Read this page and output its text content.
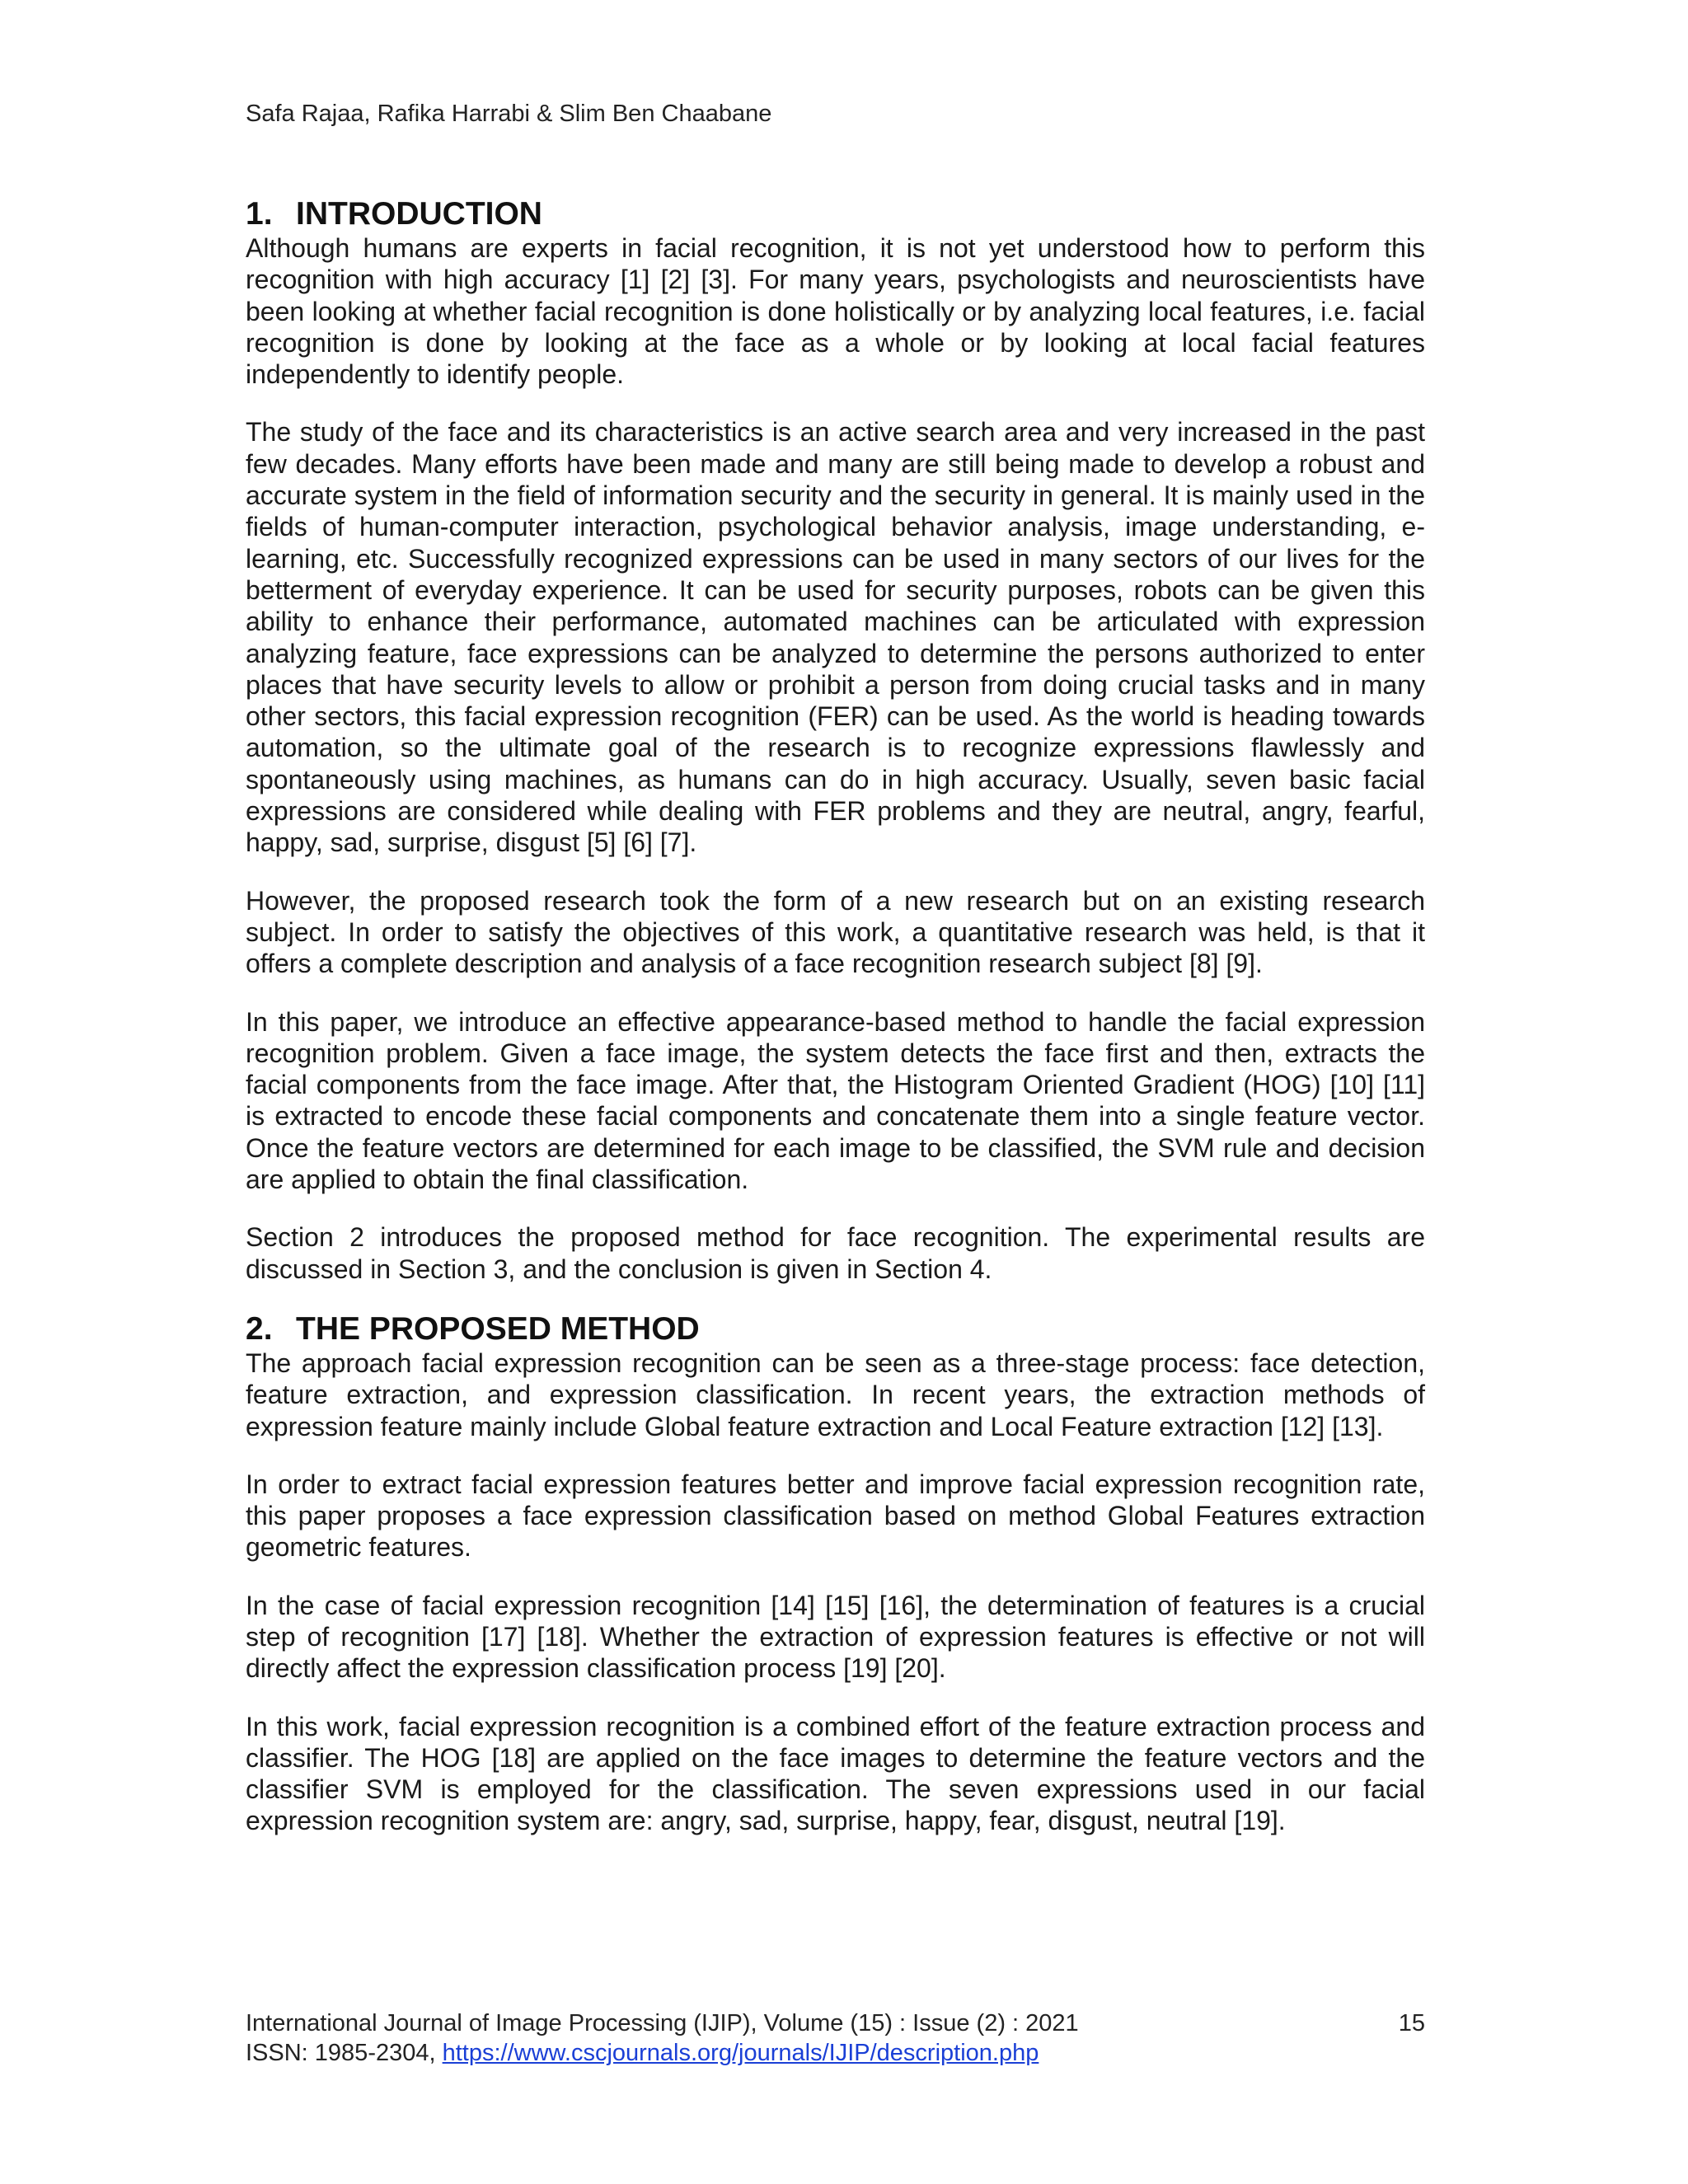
Safa Rajaa, Rafika Harrabi & Slim Ben Chaabane
1. INTRODUCTION

Although humans are experts in facial recognition, it is not yet understood how to perform this recognition with high accuracy [1] [2] [3]. For many years, psychologists and neuroscientists have been looking at whether facial recognition is done holistically or by analyzing local features, i.e. facial recognition is done by looking at the face as a whole or by looking at local facial features independently to identify people.

The study of the face and its characteristics is an active search area and very increased in the past few decades. Many efforts have been made and many are still being made to develop a robust and accurate system in the field of information security and the security in general. It is mainly used in the fields of human-computer interaction, psychological behavior analysis, image understanding, e-learning, etc. Successfully recognized expressions can be used in many sectors of our lives for the betterment of everyday experience. It can be used for security purposes, robots can be given this ability to enhance their performance, automated machines can be articulated with expression analyzing feature, face expressions can be analyzed to determine the persons authorized to enter places that have security levels to allow or prohibit a person from doing crucial tasks and in many other sectors, this facial expression recognition (FER) can be used. As the world is heading towards automation, so the ultimate goal of the research is to recognize expressions flawlessly and spontaneously using machines, as humans can do in high accuracy. Usually, seven basic facial expressions are considered while dealing with FER problems and they are neutral, angry, fearful, happy, sad, surprise, disgust [5] [6] [7].

However, the proposed research took the form of a new research but on an existing research subject. In order to satisfy the objectives of this work, a quantitative research was held, is that it offers a complete description and analysis of a face recognition research subject [8] [9].

In this paper, we introduce an effective appearance-based method to handle the facial expression recognition problem. Given a face image, the system detects the face first and then, extracts the facial components from the face image. After that, the Histogram Oriented Gradient (HOG) [10] [11] is extracted to encode these facial components and concatenate them into a single feature vector. Once the feature vectors are determined for each image to be classified, the SVM rule and decision are applied to obtain the final classification.

Section 2 introduces the proposed method for face recognition. The experimental results are discussed in Section 3, and the conclusion is given in Section 4.

2. THE PROPOSED METHOD

The approach facial expression recognition can be seen as a three-stage process: face detection, feature extraction, and expression classification. In recent years, the extraction methods of expression feature mainly include Global feature extraction and Local Feature extraction [12] [13].

In order to extract facial expression features better and improve facial expression recognition rate, this paper proposes a face expression classification based on method Global Features extraction geometric features.

In the case of facial expression recognition [14] [15] [16], the determination of features is a crucial step of recognition [17] [18]. Whether the extraction of expression features is effective or not will directly affect the expression classification process [19] [20].

In this work, facial expression recognition is a combined effort of the feature extraction process and classifier. The HOG [18] are applied on the face images to determine the feature vectors and the classifier SVM is employed for the classification. The seven expressions used in our facial expression recognition system are: angry, sad, surprise, happy, fear, disgust, neutral [19].

International Journal of Image Processing (IJIP), Volume (15) : Issue (2) : 2021	15
ISSN: 1985-2304, https://www.cscjournals.org/journals/IJIP/description.php
